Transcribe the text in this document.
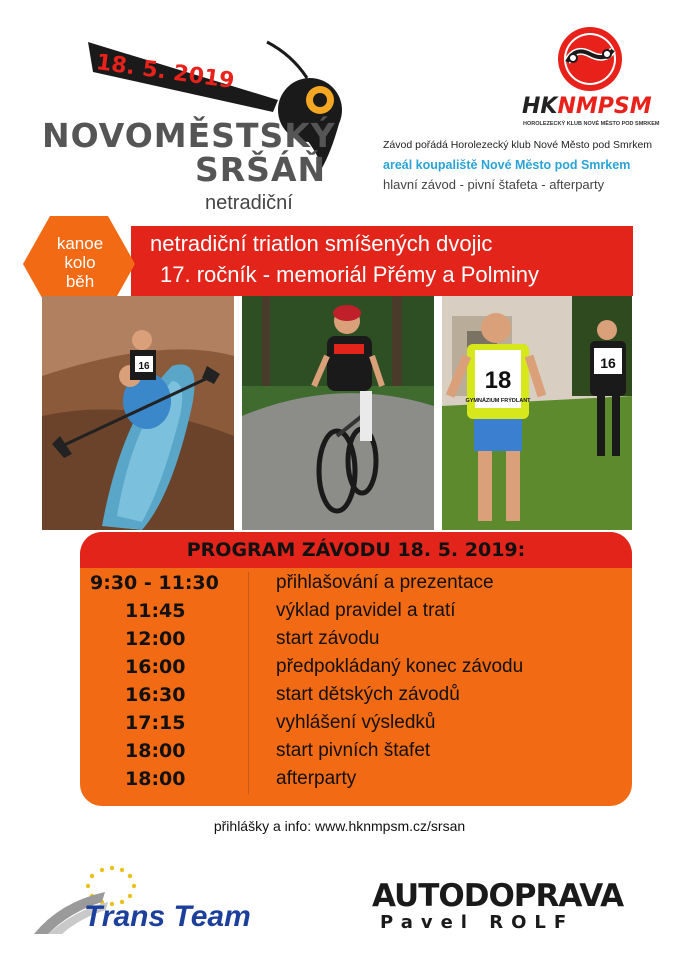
18. 5. 2019
NOVOMĚSTSKÝ
SRŠÁŇ
netradiční
HKNMPSM
HOROLEZECKÝ KLUB NOVÉ MĚSTO POD SMRKEM
Závod pořádá Horolezecký klub Nové Město pod Smrkem
areál koupaliště Nové Město pod Smrkem
hlavní závod - pivní štafeta - afterparty
netradiční triatlon smíšených dvojic
17. ročník - memoriál Přémy a Polminy
kanoe
kolo
běh
16
18
GYMNÁZIUM FRÝDLANT
16
PROGRAM ZÁVODU 18. 5. 2019:
9:30 - 11:30	přihlašování a prezentace
11:45	výklad pravidel a tratí
12:00	start závodu
16:00	předpokládaný konec závodu
16:30	start dětských závodů
17:15	vyhlášení výsledků
18:00	start pivních štafet
18:00	afterparty
přihlášky a info: www.hknmpsm.cz/srsan
Trans Team
AUTODOPRAVA
Pavel ROLF
